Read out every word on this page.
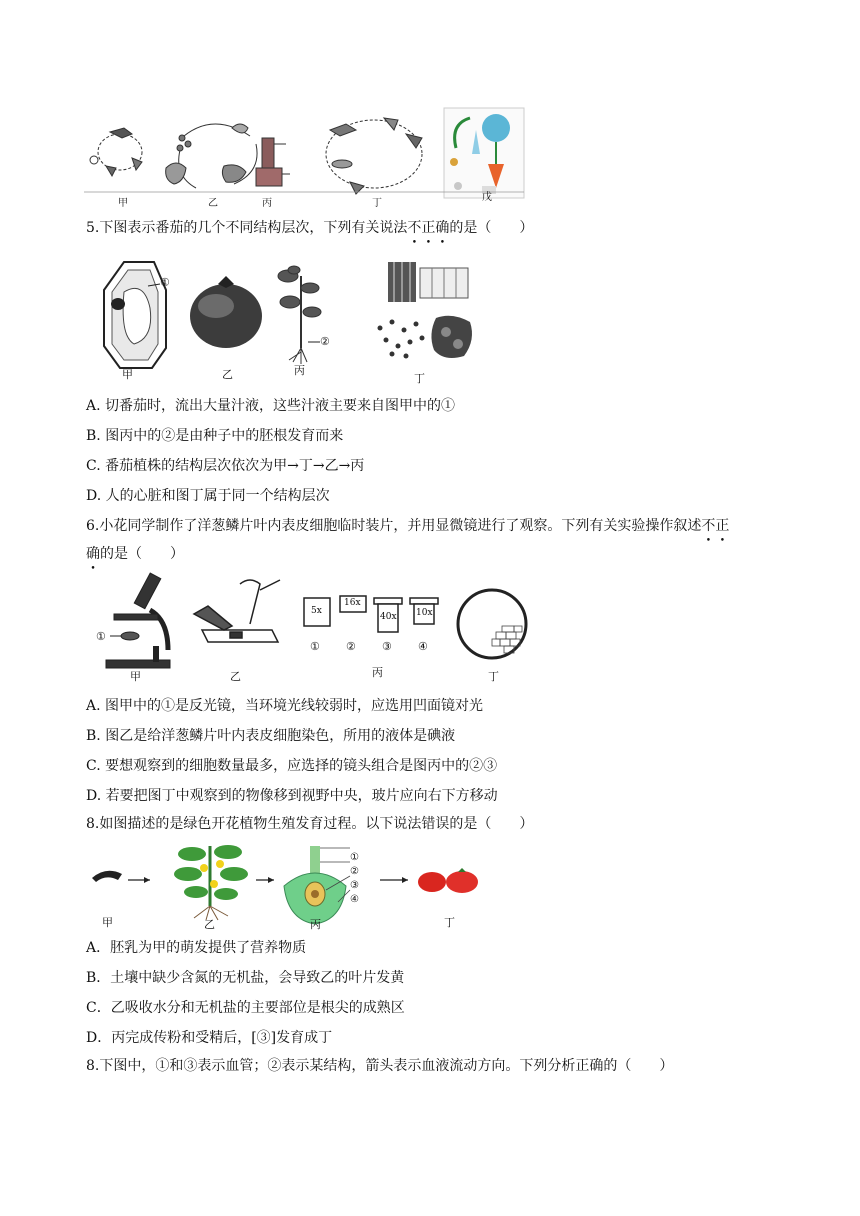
甲	乙	丙	丁
戊
5.下图表示番茄的几个不同结构层次，下列有关说法不正确的是（　　）
①
②
甲	乙	丙
丁
A. 切番茄时，流出大量汁液，这些汁液主要来自图甲中的①
B. 图丙中的②是由种子中的胚根发育而来
C. 番茄植株的结构层次依次为甲→丁→乙→丙
D. 人的心脏和图丁属于同一个结构层次
6.小花同学制作了洋葱鳞片叶内表皮细胞临时装片，并用显微镜进行了观察。下列有关实验操作叙述不正
确的是（　　）
①
5x
16x
40x 10x
① ② ③ ④
甲	乙	丙	丁
A. 图甲中的①是反光镜，当环境光线较弱时，应选用凹面镜对光
B. 图乙是给洋葱鳞片叶内表皮细胞染色，所用的液体是碘液
C. 要想观察到的细胞数量最多，应选择的镜头组合是图丙中的②③
D. 若要把图丁中观察到的物像移到视野中央，玻片应向右下方移动
8.如图描述的是绿色开花植物生殖发育过程。以下说法错误的是（　　）
①
②
③
④
甲	乙	丙	丁
A．胚乳为甲的萌发提供了营养物质
B．土壤中缺少含氮的无机盐，会导致乙的叶片发黄
C．乙吸收水分和无机盐的主要部位是根尖的成熟区
D．丙完成传粉和受精后，[③]发育成丁
8.下图中，①和③表示血管；②表示某结构，箭头表示血液流动方向。下列分析正确的（　　）
